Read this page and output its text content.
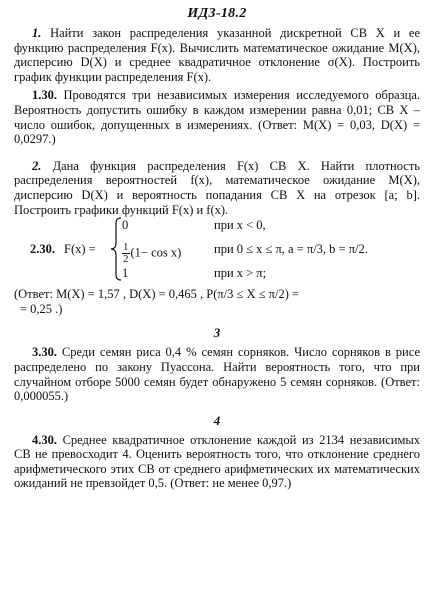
ИДЗ-18.2

1. Найти закон распределения указанной дискретной СВ X и ее функцию распределения F(x). Вычислить математическое ожидание M(X), дисперсию D(X) и среднее квадратичное отклонение σ(X). Построить график функции распределения F(x).

1.30. Проводятся три независимых измерения исследуемого образца. Вероятность допустить ошибку в каждом измерении равна 0,01; СВ X – число ошибок, допущенных в измерениях. (Ответ: M(X) = 0,03, D(X) = 0,0297.)

2. Дана функция распределения F(x) СВ X. Найти плотность распределения вероятностей f(x), математическое ожидание M(X), дисперсию D(X) и вероятность попадания СВ X на отрезок [a; b]. Построить графики функций F(x) и f(x).

2.30. F(x) =
0
$\frac{1}{2} (1- \cos x)$
1
при x < 0,
при 0 ≤ x ≤ π, a = π/3, b = π/2.
при x > π;

(Ответ: M(X) = 1,57 , D(X) = 0,465 , P(π/3 ≤ X ≤ π/2) =

= 0,25 .)

3

3.30. Среди семян риса 0,4 % семян сорняков. Число сорняков в рисе распределено по закону Пуассона. Найти вероятность того, что при случайном отборе 5000 семян будет обнаружено 5 семян сорняков. (Ответ: 0,000055.)

4

4.30. Среднее квадратичное отклонение каждой из 2134 независимых СВ не превосходит 4. Оценить вероятность того, что отклонение среднего арифметического этих СВ от среднего арифметических их математических ожиданий не превзойдет 0,5. (Ответ: не менее 0,97.)
